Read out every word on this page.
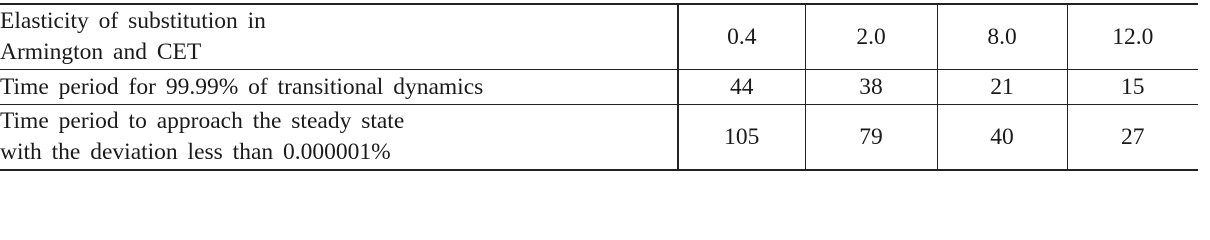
Elasticity of substitution in
Armington and CET	0.4	2.0	8.0	12.0
Time period for 99.99% of transitional dynamics	44	38	21	15

Time period to approach the steady state
with the deviation less than 0.000001%	105	79	40	27
